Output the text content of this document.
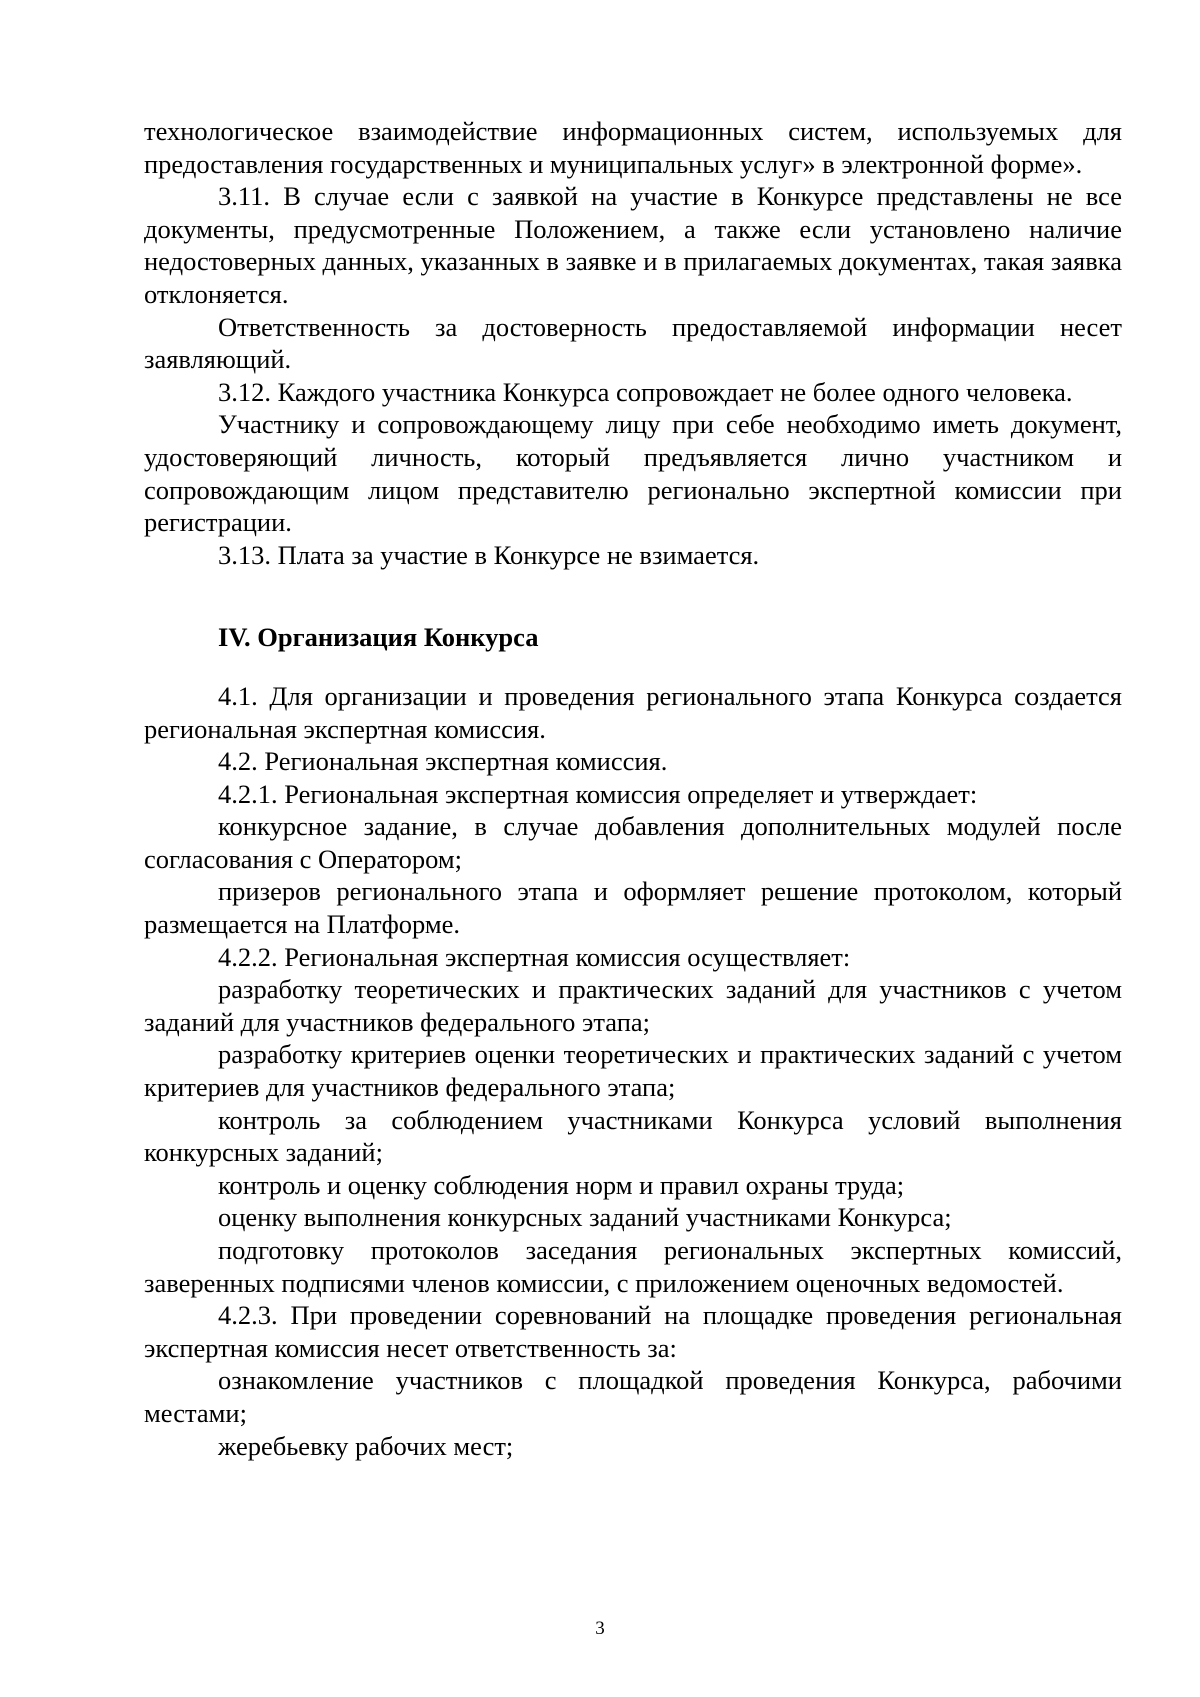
технологическое взаимодействие информационных систем, используемых для предоставления государственных и муниципальных услуг» в электронной форме».

3.11. В случае если с заявкой на участие в Конкурсе представлены не все документы, предусмотренные Положением, а также если установлено наличие недостоверных данных, указанных в заявке и в прилагаемых документах, такая заявка отклоняется.

Ответственность за достоверность предоставляемой информации несет заявляющий.

3.12. Каждого участника Конкурса сопровождает не более одного человека.

Участнику и сопровождающему лицу при себе необходимо иметь документ, удостоверяющий личность, который предъявляется лично участником и сопровождающим лицом представителю регионально экспертной комиссии при регистрации.

3.13. Плата за участие в Конкурсе не взимается.

IV. Организация Конкурса

4.1. Для организации и проведения регионального этапа Конкурса создается региональная экспертная комиссия.

4.2. Региональная экспертная комиссия.

4.2.1. Региональная экспертная комиссия определяет и утверждает:

конкурсное задание, в случае добавления дополнительных модулей после согласования с Оператором;

призеров регионального этапа и оформляет решение протоколом, который размещается на Платформе.

4.2.2. Региональная экспертная комиссия осуществляет:

разработку теоретических и практических заданий для участников с учетом заданий для участников федерального этапа;

разработку критериев оценки теоретических и практических заданий с учетом критериев для участников федерального этапа;

контроль за соблюдением участниками Конкурса условий выполнения конкурсных заданий;

контроль и оценку соблюдения норм и правил охраны труда;

оценку выполнения конкурсных заданий участниками Конкурса;

подготовку протоколов заседания региональных экспертных комиссий, заверенных подписями членов комиссии, с приложением оценочных ведомостей.

4.2.3. При проведении соревнований на площадке проведения региональная экспертная комиссия несет ответственность за:

ознакомление участников с площадкой проведения Конкурса, рабочими местами;

жеребьевку рабочих мест;

3
